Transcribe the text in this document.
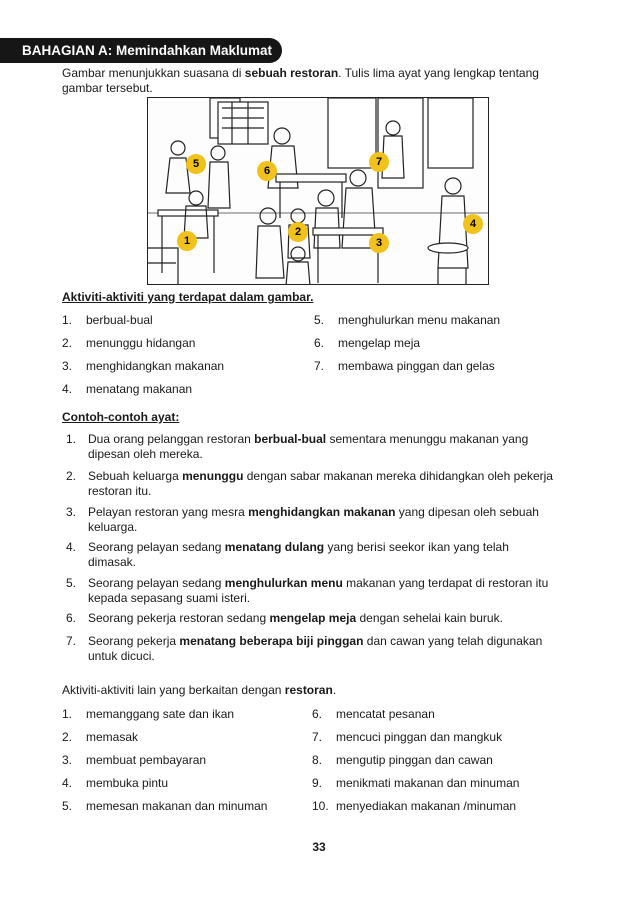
BAHAGIAN A: Memindahkan Maklumat
Gambar menunjukkan suasana di sebuah restoran. Tulis lima ayat yang lengkap tentang gambar tersebut.
5
6
7
4
1
2
3
Aktiviti-aktiviti yang terdapat dalam gambar.
1. berbual-bual
2. menunggu hidangan
3. menghidangkan makanan
4. menatang makanan
5. menghulurkan menu makanan
6. mengelap meja
7. membawa pinggan dan gelas
Contoh-contoh ayat:
1. Dua orang pelanggan restoran berbual-bual sementara menunggu makanan yang dipesan oleh mereka.
2. Sebuah keluarga menunggu dengan sabar makanan mereka dihidangkan oleh pekerja restoran itu.
3. Pelayan restoran yang mesra menghidangkan makanan yang dipesan oleh sebuah keluarga.
4. Seorang pelayan sedang menatang dulang yang berisi seekor ikan yang telah dimasak.
5. Seorang pelayan sedang menghulurkan menu makanan yang terdapat di restoran itu kepada sepasang suami isteri.
6. Seorang pekerja restoran sedang mengelap meja dengan sehelai kain buruk.
7. Seorang pekerja menatang beberapa biji pinggan dan cawan yang telah digunakan untuk dicuci.
Aktiviti-aktiviti lain yang berkaitan dengan restoran.
1. memanggang sate dan ikan
2. memasak
3. membuat pembayaran
4. membuka pintu
5. memesan makanan dan minuman
6. mencatat pesanan
7. mencuci pinggan dan mangkuk
8. mengutip pinggan dan cawan
9. menikmati makanan dan minuman
10. menyediakan makanan /minuman
33
